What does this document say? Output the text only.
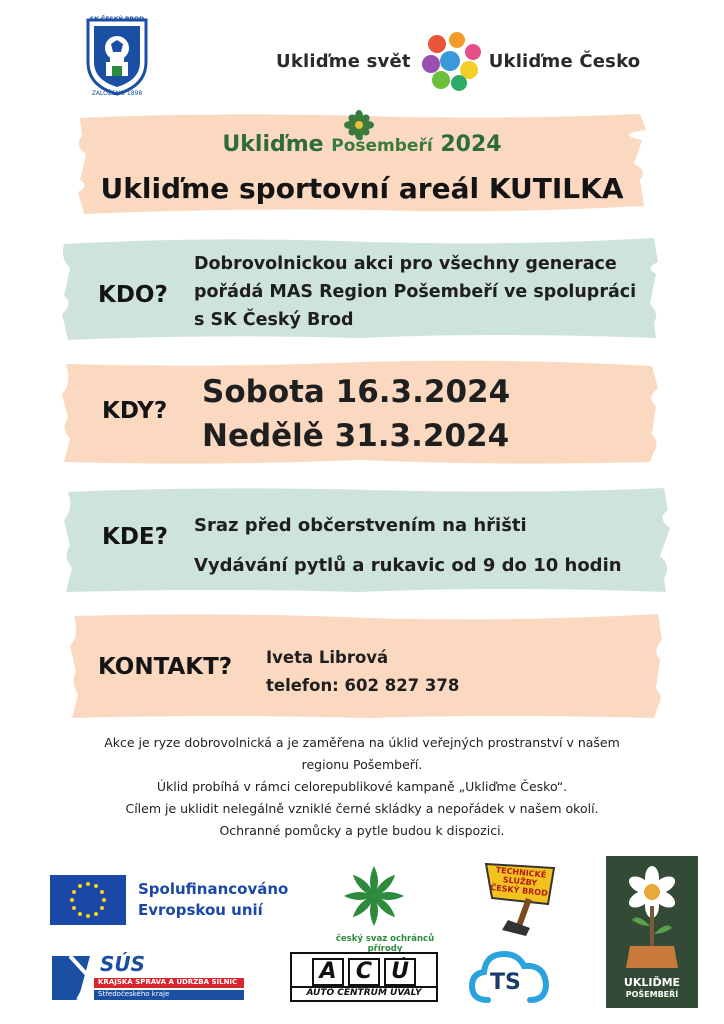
SK ČESKÝ BROD
ZALOŽENO 1898
Ukliďme svět	Ukliďme Česko
Ukliďme Pošembeří 2024
Ukliďme sportovní areál KUTILKA
KDO?
Dobrovolnickou akci pro všechny generace
pořádá MAS Region Pošembeří ve spolupráci
s SK Český Brod
KDY?
Sobota 16.3.2024
Nedělě 31.3.2024
KDE? Sraz před občerstvením na hřišti
Vydávání pytlů a rukavic od 9 do 10 hodin
KONTAKT? Iveta Librová
telefon: 602 827 378
Akce je ryze dobrovolnická a je zaměřena na úklid veřejných prostranství v našem
regionu Pošembeří.
Úklid probíhá v rámci celorepublikové kampaně „Ukliďme Česko“.
Cílem je uklidit nelegálně vzniklé černé skládky a nepořádek v našem okolí.
Ochranné pomůcky a pytle budou k dispozici.
Spolufinancováno
Evropskou unií
český svaz ochránců přírody
TECHNICKÉ SLUŽBY ČESKÝ BROD
UKLIĎME
POŠEMBEŘÍ
SÚS
KRAJSKÁ SPRÁVA A ÚDRŽBA SILNIC
Středočeského kraje
A C Ú
AUTO CENTRUM ÚVALY	TS
